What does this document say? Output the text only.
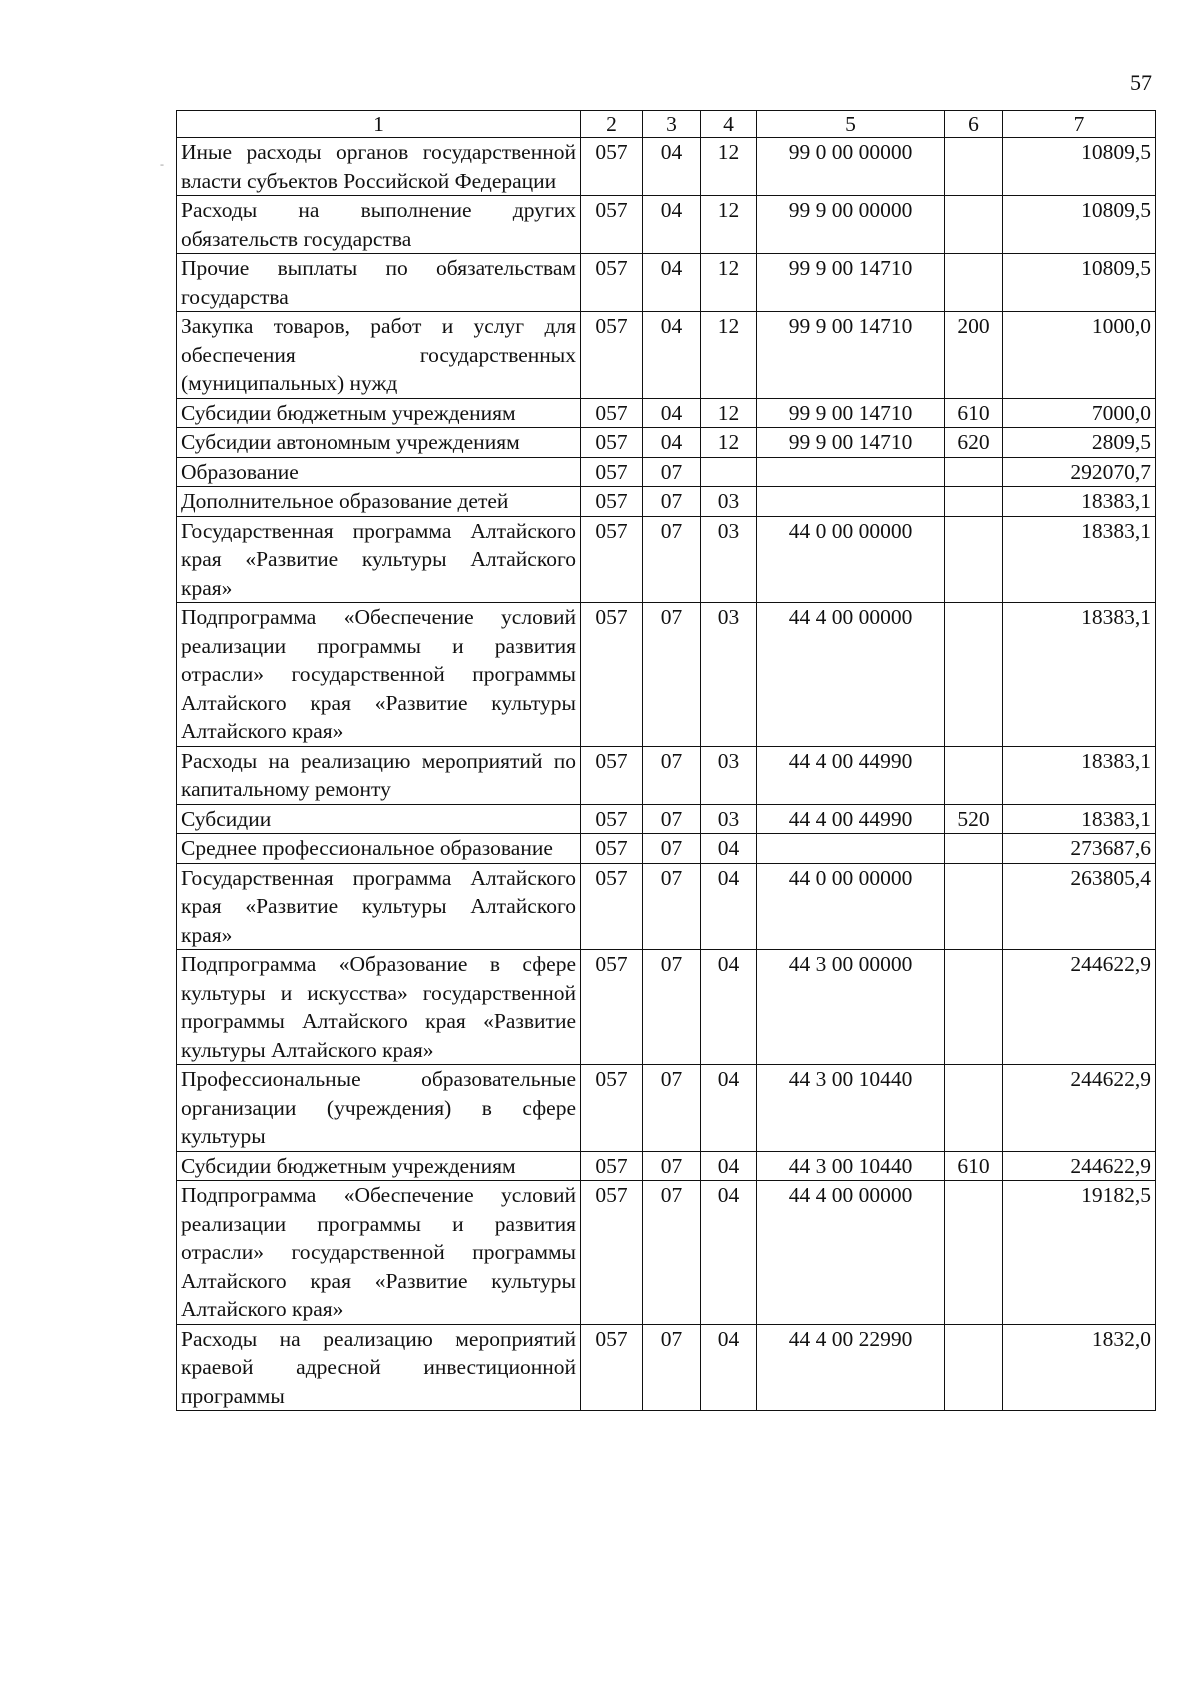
57
-
1	2	3	4	5	6	7
Иные расходы органов государственной власти субъектов Российской Федерации	057	04	12	99 0 00 00000		10809,5
Расходы на выполнение других обязательств государства	057	04	12	99 9 00 00000		10809,5
Прочие выплаты по обязательствам государства	057	04	12	99 9 00 14710		10809,5
Закупка товаров, работ и услуг для обеспечения государственных (муниципальных) нужд	057	04	12	99 9 00 14710	200	1000,0
Субсидии бюджетным учреждениям	057	04	12	99 9 00 14710	610	7000,0
Субсидии автономным учреждениям	057	04	12	99 9 00 14710	620	2809,5
Образование	057	07				292070,7
Дополнительное образование детей	057	07	03			18383,1
Государственная программа Алтайского края «Развитие культуры Алтайского края»	057	07	03	44 0 00 00000		18383,1
Подпрограмма «Обеспечение условий реализации программы и развития отрасли» государственной программы Алтайского края «Развитие культуры Алтайского края»	057	07	03	44 4 00 00000		18383,1
Расходы на реализацию мероприятий по капитальному ремонту	057	07	03	44 4 00 44990		18383,1
Субсидии	057	07	03	44 4 00 44990	520	18383,1
Среднее профессиональное образование	057	07	04			273687,6
Государственная программа Алтайского края «Развитие культуры Алтайского края»	057	07	04	44 0 00 00000		263805,4
Подпрограмма «Образование в сфере культуры и искусства» государственной программы Алтайского края «Развитие культуры Алтайского края»	057	07	04	44 3 00 00000		244622,9
Профессиональные образовательные организации (учреждения) в сфере культуры	057	07	04	44 3 00 10440		244622,9
Субсидии бюджетным учреждениям	057	07	04	44 3 00 10440	610	244622,9
Подпрограмма «Обеспечение условий реализации программы и развития отрасли» государственной программы Алтайского края «Развитие культуры Алтайского края»	057	07	04	44 4 00 00000		19182,5
Расходы на реализацию мероприятий краевой адресной инвестиционной программы	057	07	04	44 4 00 22990		1832,0
